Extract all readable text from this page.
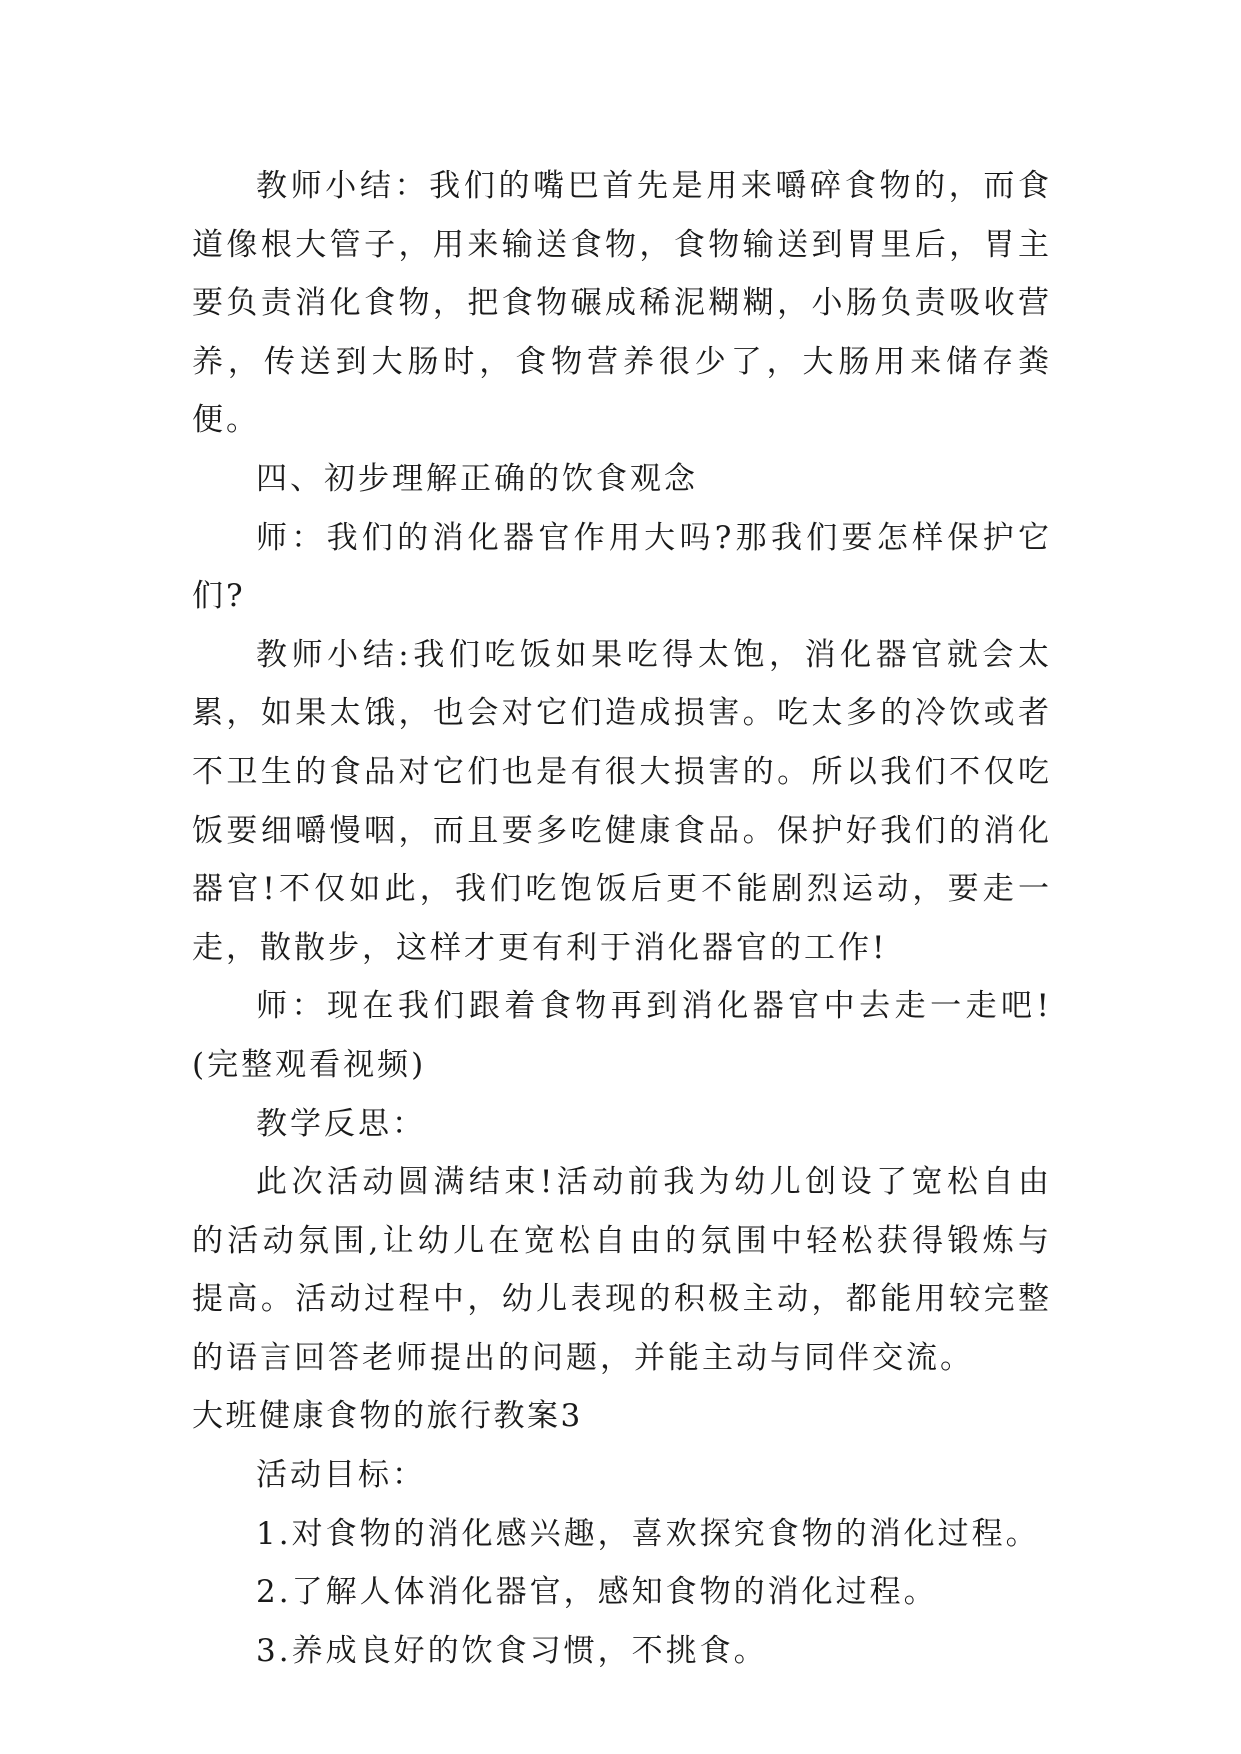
教师小结：我们的嘴巴首先是用来嚼碎食物的，而食道像根大管子，用来输送食物，食物输送到胃里后，胃主要负责消化食物，把食物碾成稀泥糊糊，小肠负责吸收营养，传送到大肠时，食物营养很少了，大肠用来储存粪便。

四、初步理解正确的饮食观念

师：我们的消化器官作用大吗?那我们要怎样保护它们?

教师小结:我们吃饭如果吃得太饱，消化器官就会太累，如果太饿，也会对它们造成损害。吃太多的冷饮或者不卫生的食品对它们也是有很大损害的。所以我们不仅吃饭要细嚼慢咽，而且要多吃健康食品。保护好我们的消化器官!不仅如此，我们吃饱饭后更不能剧烈运动，要走一走，散散步，这样才更有利于消化器官的工作!

师：现在我们跟着食物再到消化器官中去走一走吧!(完整观看视频)

教学反思：

此次活动圆满结束!活动前我为幼儿创设了宽松自由的活动氛围,让幼儿在宽松自由的氛围中轻松获得锻炼与提高。活动过程中，幼儿表现的积极主动，都能用较完整的语言回答老师提出的问题，并能主动与同伴交流。

大班健康食物的旅行教案3

活动目标：

1.对食物的消化感兴趣，喜欢探究食物的消化过程。

2.了解人体消化器官，感知食物的消化过程。

3.养成良好的饮食习惯，不挑食。
